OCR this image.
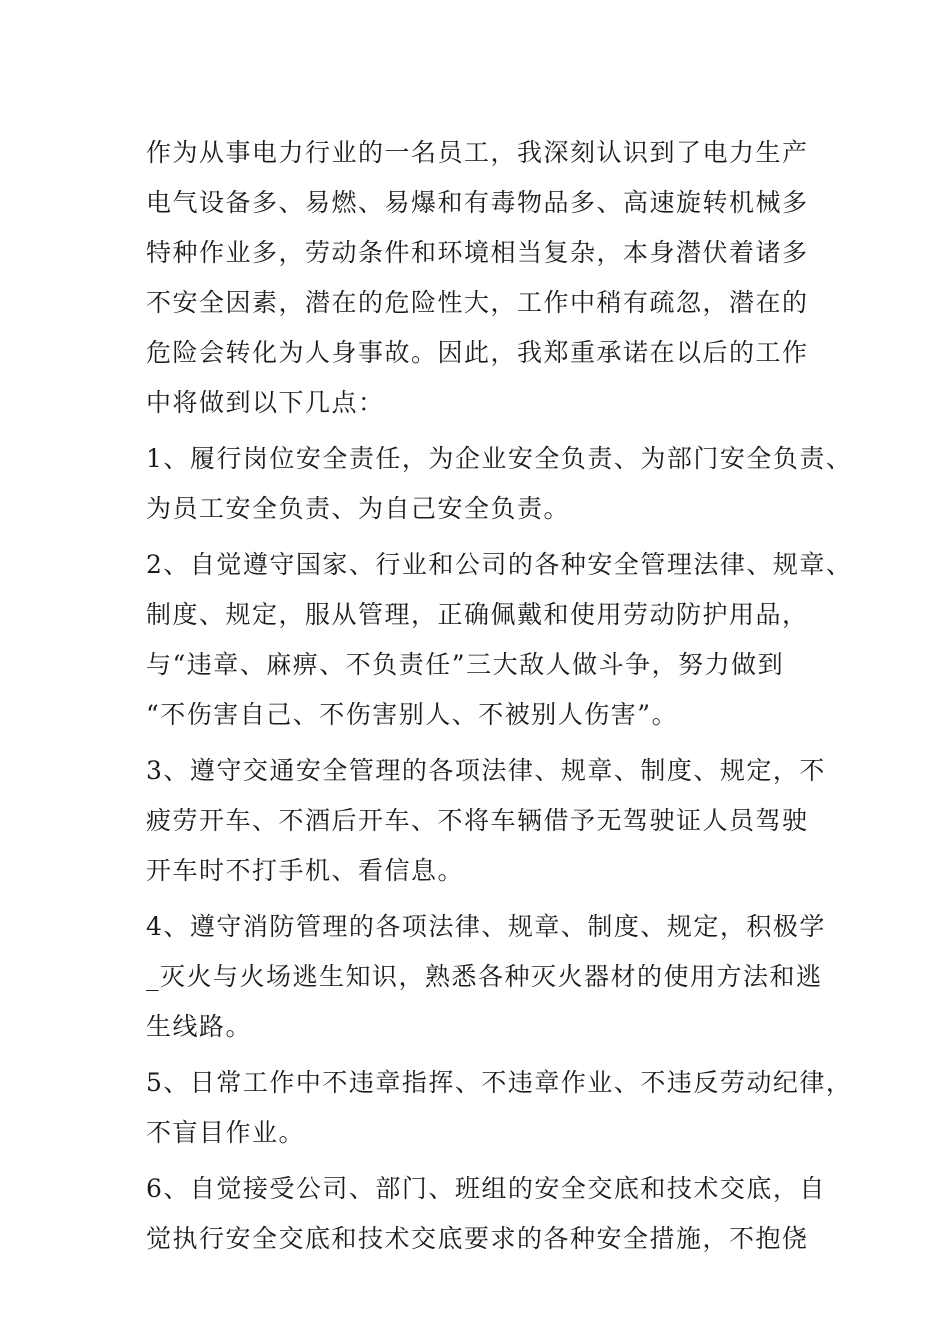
作为从事电力行业的一名员工，我深刻认识到了电力生产
电气设备多、易燃、易爆和有毒物品多、高速旋转机械多
特种作业多，劳动条件和环境相当复杂，本身潜伏着诸多
不安全因素，潜在的危险性大，工作中稍有疏忽，潜在的
危险会转化为人身事故。因此，我郑重承诺在以后的工作
中将做到以下几点：
1、履行岗位安全责任，为企业安全负责、为部门安全负责、
为员工安全负责、为自己安全负责。
2、自觉遵守国家、行业和公司的各种安全管理法律、规章、
制度、规定，服从管理，正确佩戴和使用劳动防护用品，
与“违章、麻痹、不负责任”三大敌人做斗争，努力做到
“不伤害自己、不伤害别人、不被别人伤害”。
3、遵守交通安全管理的各项法律、规章、制度、规定，不
疲劳开车、不酒后开车、不将车辆借予无驾驶证人员驾驶
开车时不打手机、看信息。
4、遵守消防管理的各项法律、规章、制度、规定，积极学
_灭火与火场逃生知识，熟悉各种灭火器材的使用方法和逃
生线路。
5、日常工作中不违章指挥、不违章作业、不违反劳动纪律，
不盲目作业。
6、自觉接受公司、部门、班组的安全交底和技术交底，自
觉执行安全交底和技术交底要求的各种安全措施，不抱侥
